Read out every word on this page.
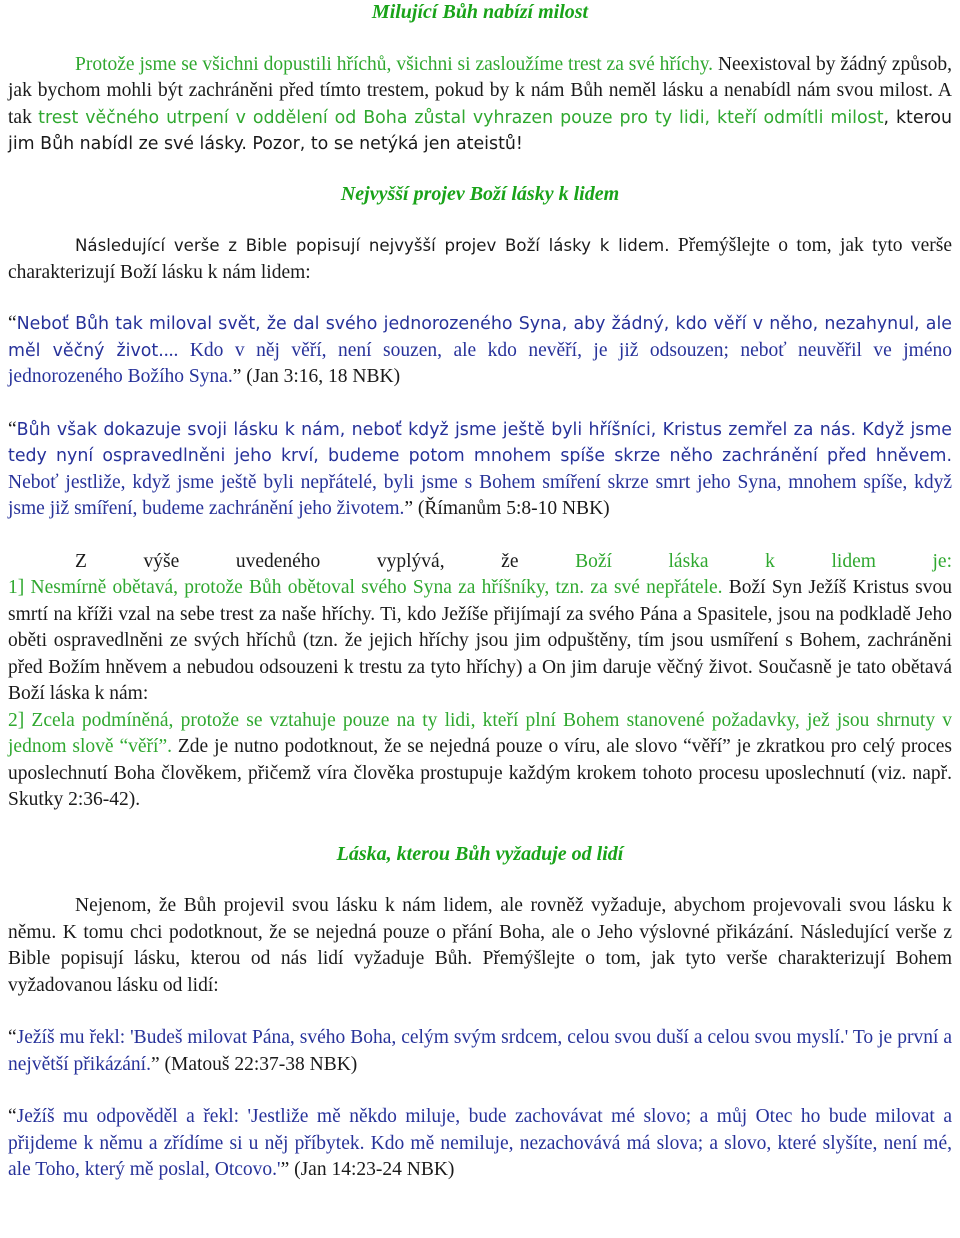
Milující Bůh nabízí milost

Protože jsme se všichni dopustili hříchů, všichni si zasloužíme trest za své hříchy. Neexistoval by žádný způsob, jak bychom mohli být zachráněni před tímto trestem, pokud by k nám Bůh neměl lásku a nenabídl nám svou milost. A tak trest věčného utrpení v oddělení od Boha zůstal vyhrazen pouze pro ty lidi, kteří odmítli milost, kterou jim Bůh nabídl ze své lásky. Pozor, to se netýká jen ateistů!

Nejvyšší projev Boží lásky k lidem

Následující verše z Bible popisují nejvyšší projev Boží lásky k lidem. Přemýšlejte o tom, jak tyto verše charakterizují Boží lásku k nám lidem:

“Neboť Bůh tak miloval svět, že dal svého jednorozeného Syna, aby žádný, kdo věří v něho, nezahynul, ale měl věčný život.... Kdo v něj věří, není souzen, ale kdo nevěří, je již odsouzen; neboť neuvěřil ve jméno jednorozeného Božího Syna.” (Jan 3:16, 18 NBK)

“Bůh však dokazuje svoji lásku k nám, neboť když jsme ještě byli hříšníci, Kristus zemřel za nás. Když jsme tedy nyní ospravedlněni jeho krví, budeme potom mnohem spíše skrze něho zachránění před hněvem. Neboť jestliže, když jsme ještě byli nepřátelé, byli jsme s Bohem smíření skrze smrt jeho Syna, mnohem spíše, když jsme již smíření, budeme zachránění jeho životem.” (Římanům 5:8-10 NBK)

Z výše uvedeného vyplývá, že Boží láska k lidem je:

1] Nesmírně obětavá, protože Bůh obětoval svého Syna za hříšníky, tzn. za své nepřátele. Boží Syn Ježíš Kristus svou smrtí na kříži vzal na sebe trest za naše hříchy. Ti, kdo Ježíše přijímají za svého Pána a Spasitele, jsou na podkladě Jeho oběti ospravedlněni ze svých hříchů (tzn. že jejich hříchy jsou jim odpuštěny, tím jsou usmíření s Bohem, zachráněni před Božím hněvem a nebudou odsouzeni k trestu za tyto hříchy) a On jim daruje věčný život. Současně je tato obětavá Boží láska k nám:

2] Zcela podmíněná, protože se vztahuje pouze na ty lidi, kteří plní Bohem stanovené požadavky, jež jsou shrnuty v jednom slově “věří”. Zde je nutno podotknout, že se nejedná pouze o víru, ale slovo “věří” je zkratkou pro celý proces uposlechnutí Boha člověkem, přičemž víra člověka prostupuje každým krokem tohoto procesu uposlechnutí (viz. např. Skutky 2:36-42).

Láska, kterou Bůh vyžaduje od lidí

Nejenom, že Bůh projevil svou lásku k nám lidem, ale rovněž vyžaduje, abychom projevovali svou lásku k němu. K tomu chci podotknout, že se nejedná pouze o přání Boha, ale o Jeho výslovné přikázání. Následující verše z Bible popisují lásku, kterou od nás lidí vyžaduje Bůh. Přemýšlejte o tom, jak tyto verše charakterizují Bohem vyžadovanou lásku od lidí:

“Ježíš mu řekl: 'Budeš milovat Pána, svého Boha, celým svým srdcem, celou svou duší a celou svou myslí.' To je první a největší přikázání.” (Matouš 22:37-38 NBK)

“Ježíš mu odpověděl a řekl: 'Jestliže mě někdo miluje, bude zachovávat mé slovo; a můj Otec ho bude milovat a přijdeme k němu a zřídíme si u něj příbytek. Kdo mě nemiluje, nezachovává má slova; a slovo, které slyšíte, není mé, ale Toho, který mě poslal, Otcovo.'” (Jan 14:23-24 NBK)
